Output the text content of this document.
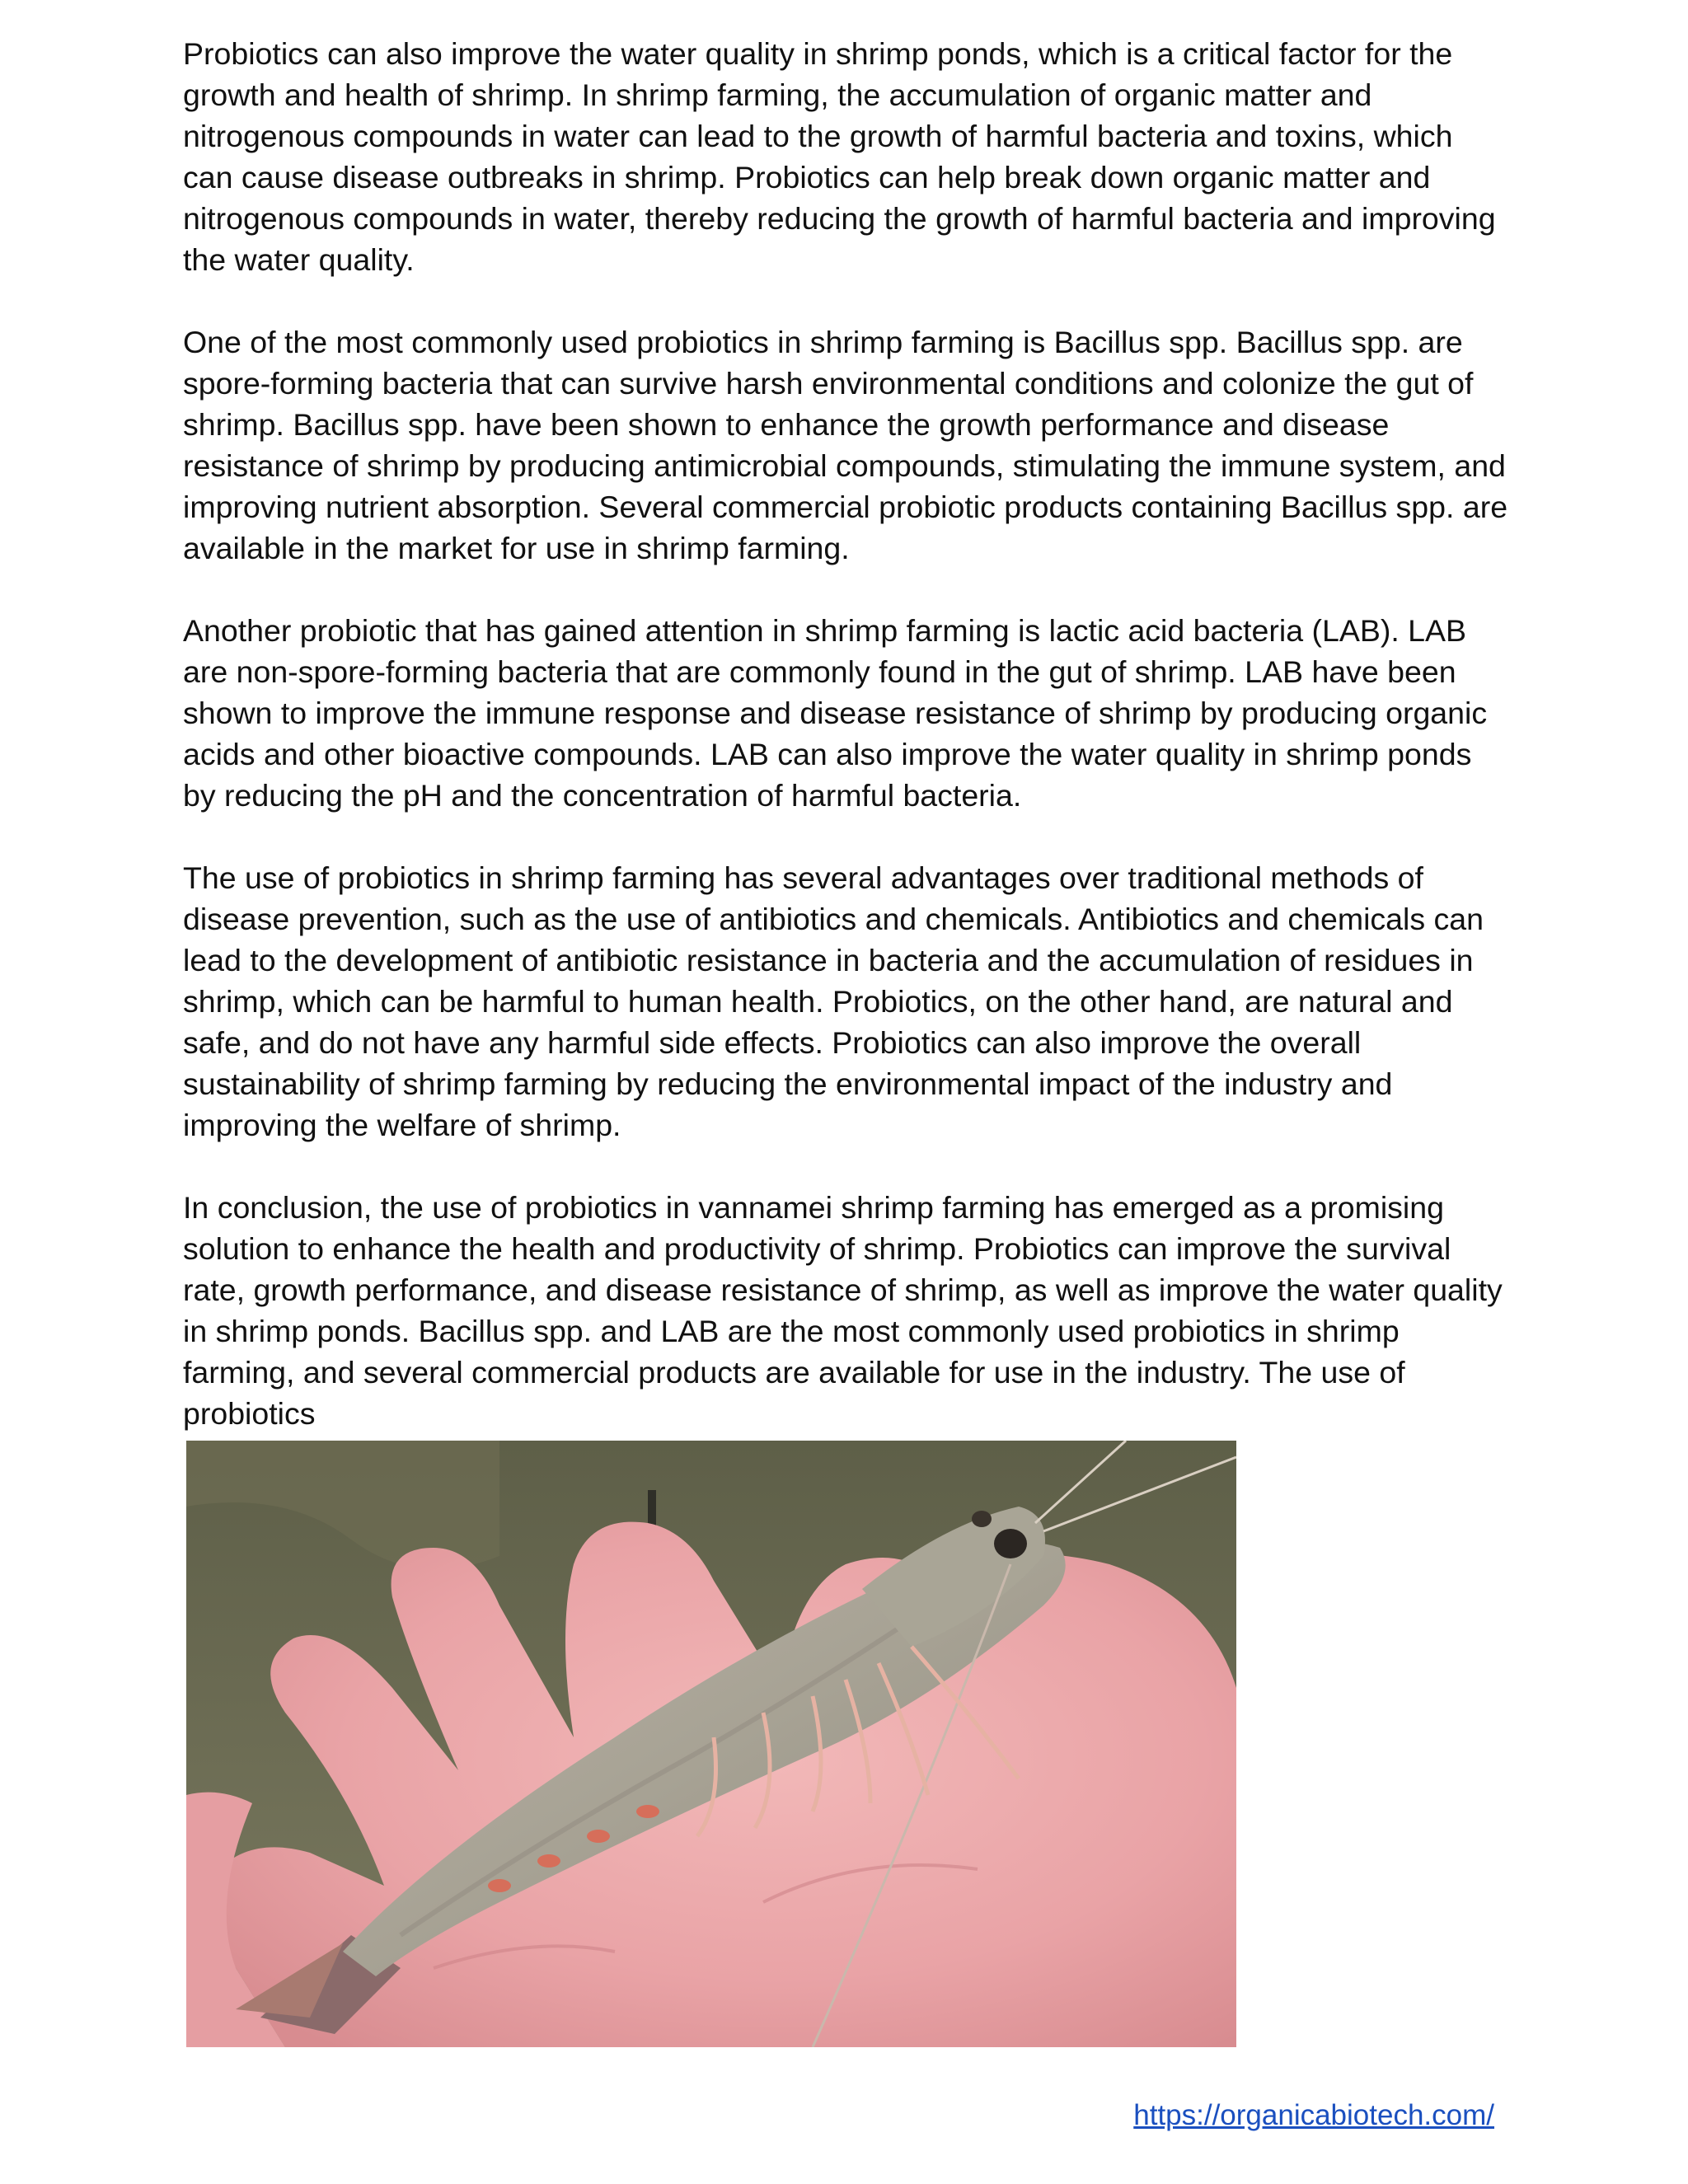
Probiotics can also improve the water quality in shrimp ponds, which is a critical factor for the growth and health of shrimp. In shrimp farming, the accumulation of organic matter and nitrogenous compounds in water can lead to the growth of harmful bacteria and toxins, which can cause disease outbreaks in shrimp. Probiotics can help break down organic matter and nitrogenous compounds in water, thereby reducing the growth of harmful bacteria and improving the water quality.

One of the most commonly used probiotics in shrimp farming is Bacillus spp. Bacillus spp. are spore-forming bacteria that can survive harsh environmental conditions and colonize the gut of shrimp. Bacillus spp. have been shown to enhance the growth performance and disease resistance of shrimp by producing antimicrobial compounds, stimulating the immune system, and improving nutrient absorption. Several commercial probiotic products containing Bacillus spp. are available in the market for use in shrimp farming.

Another probiotic that has gained attention in shrimp farming is lactic acid bacteria (LAB). LAB are non-spore-forming bacteria that are commonly found in the gut of shrimp. LAB have been shown to improve the immune response and disease resistance of shrimp by producing organic acids and other bioactive compounds. LAB can also improve the water quality in shrimp ponds by reducing the pH and the concentration of harmful bacteria.

The use of probiotics in shrimp farming has several advantages over traditional methods of disease prevention, such as the use of antibiotics and chemicals. Antibiotics and chemicals can lead to the development of antibiotic resistance in bacteria and the accumulation of residues in shrimp, which can be harmful to human health. Probiotics, on the other hand, are natural and safe, and do not have any harmful side effects. Probiotics can also improve the overall sustainability of shrimp farming by reducing the environmental impact of the industry and improving the welfare of shrimp.

In conclusion, the use of probiotics in vannamei shrimp farming has emerged as a promising solution to enhance the health and productivity of shrimp. Probiotics can improve the survival rate, growth performance, and disease resistance of shrimp, as well as improve the water quality in shrimp ponds. Bacillus spp. and LAB are the most commonly used probiotics in shrimp farming, and several commercial products are available for use in the industry. The use of probiotics

https://organicabiotech.com/
